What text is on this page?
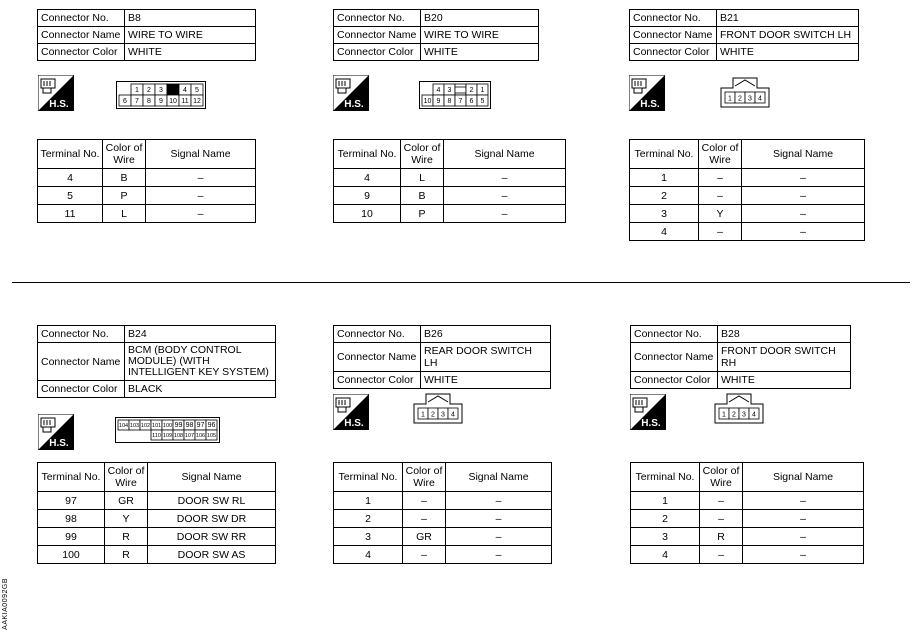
Connector No.	B8
Connector Name	WIRE TO WIRE
Connector Color	WHITE
H.S.
1 2 3	4 5
6 7 8 9 10 11 12
Terminal No.	Color of Wire	Signal Name
4	B	–
5	P	–
11	L	–
Connector No.	B20
Connector Name	WIRE TO WIRE
Connector Color	WHITE
H.S.
4 3	2 1
10 9 8 7 6 5
Terminal No.	Color of Wire	Signal Name
4	L	–
9	B	–
10	P	–
Connector No.	B21
Connector Name	FRONT DOOR SWITCH LH
Connector Color	WHITE
H.S.	1 2 3 4
Terminal No.	Color of Wire	Signal Name
1	–	–
2	–	–
3	Y	–
4	–	–
Connector No.	B24
Connector Name	BCM (BODY CONTROL MODULE) (WITH INTELLIGENT KEY SYSTEM)
Connector Color	BLACK
H.S.
104 103 102 101 100 99 98 97 96
110 109 108 107 106 105
Terminal No.	Color of Wire	Signal Name
97	GR	DOOR SW RL
98	Y	DOOR SW DR
99	R	DOOR SW RR
100	R	DOOR SW AS
Connector No.	B26
Connector Name	REAR DOOR SWITCH LH
Connector Color	WHITE
H.S.
1 2 3 4
Terminal No.	Color of Wire	Signal Name
1	–	–
2	–	–
3	GR	–
4	–	–
Connector No.	B28
Connector Name	FRONT DOOR SWITCH RH
Connector Color	WHITE
H.S.
1 2 3 4
Terminal No.	Color of Wire	Signal Name
1	–	–
2	–	–
3	R	–
4	–	–
AAKIA0092GB
